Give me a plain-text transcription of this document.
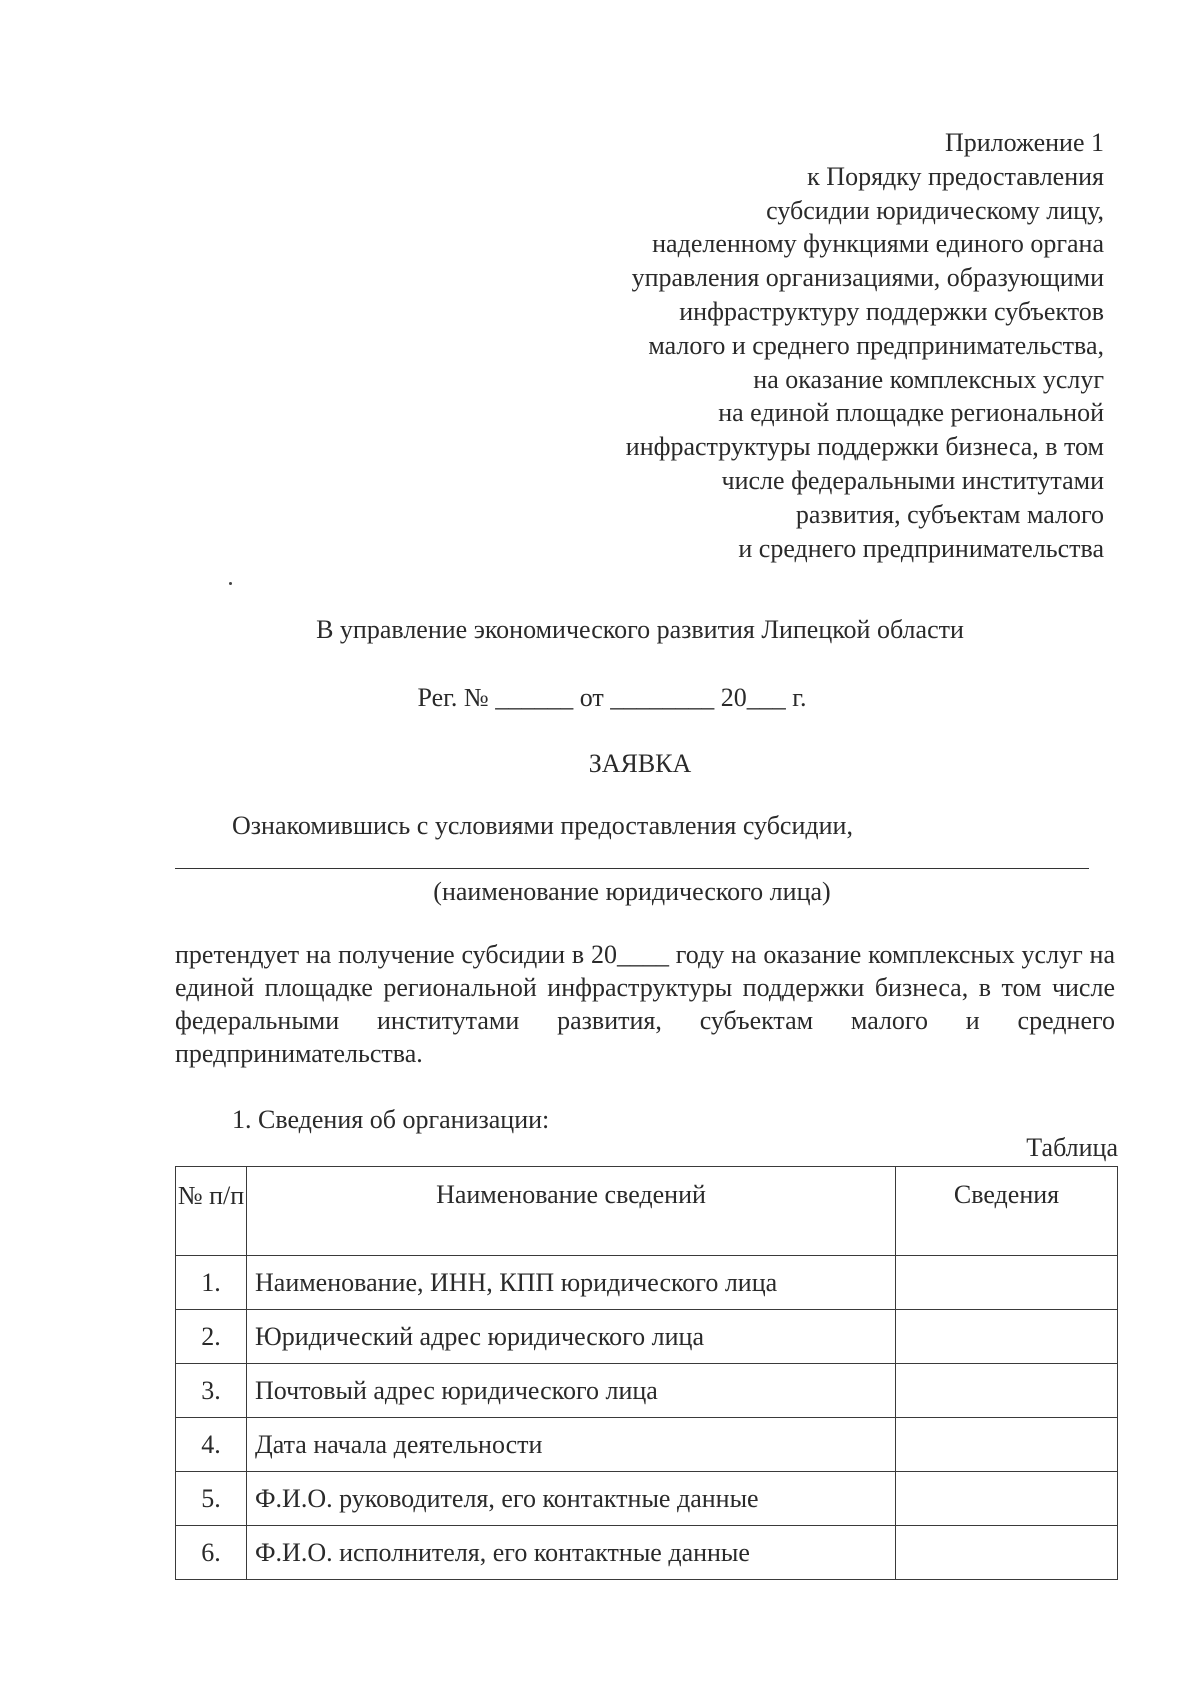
Приложение 1
к Порядку предоставления
субсидии юридическому лицу,
наделенному функциями единого органа
управления организациями, образующими
инфраструктуру поддержки субъектов
малого и среднего предпринимательства,
на оказание комплексных услуг
на единой площадке региональной
инфраструктуры поддержки бизнеса, в том
числе федеральными институтами
развития, субъектам малого
и среднего предпринимательства
В управление экономического развития Липецкой области
Рег. № ______ от ________ 20___ г.
ЗАЯВКА
Ознакомившись с условиями предоставления субсидии,
(наименование юридического лица)
претендует на получение субсидии в 20____ году на оказание комплексных услуг на единой площадке региональной инфраструктуры поддержки бизнеса, в том числе федеральными институтами развития, субъектам малого и среднего предпринимательства.
1. Сведения об организации:
Таблица
№ п/п	Наименование сведений	Сведения
1.	Наименование, ИНН, КПП юридического лица	
2.	Юридический адрес юридического лица	
3.	Почтовый адрес юридического лица	
4.	Дата начала деятельности	
5.	Ф.И.О. руководителя, его контактные данные	
6.	Ф.И.О. исполнителя, его контактные данные	
